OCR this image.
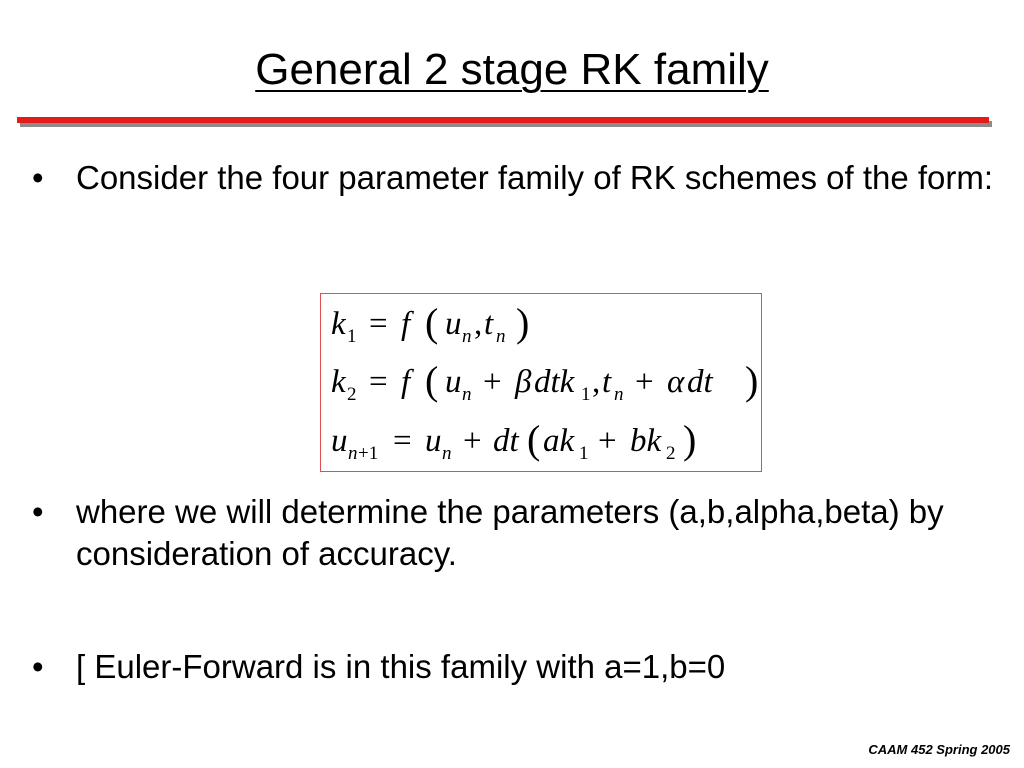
General 2 stage RK family
• Consider the four parameter family of RK schemes of the form:
k 1 = f ( u n , t n )
k 2 = f ( u n + β dtk 1 , t n + α dt )
u n +1 = u n + dt ( ak 1 + bk 2 )
• where we will determine the parameters (a,b,alpha,beta) by consideration of accuracy.
• [ Euler-Forward is in this family with a=1,b=0
CAAM 452 Spring 2005
